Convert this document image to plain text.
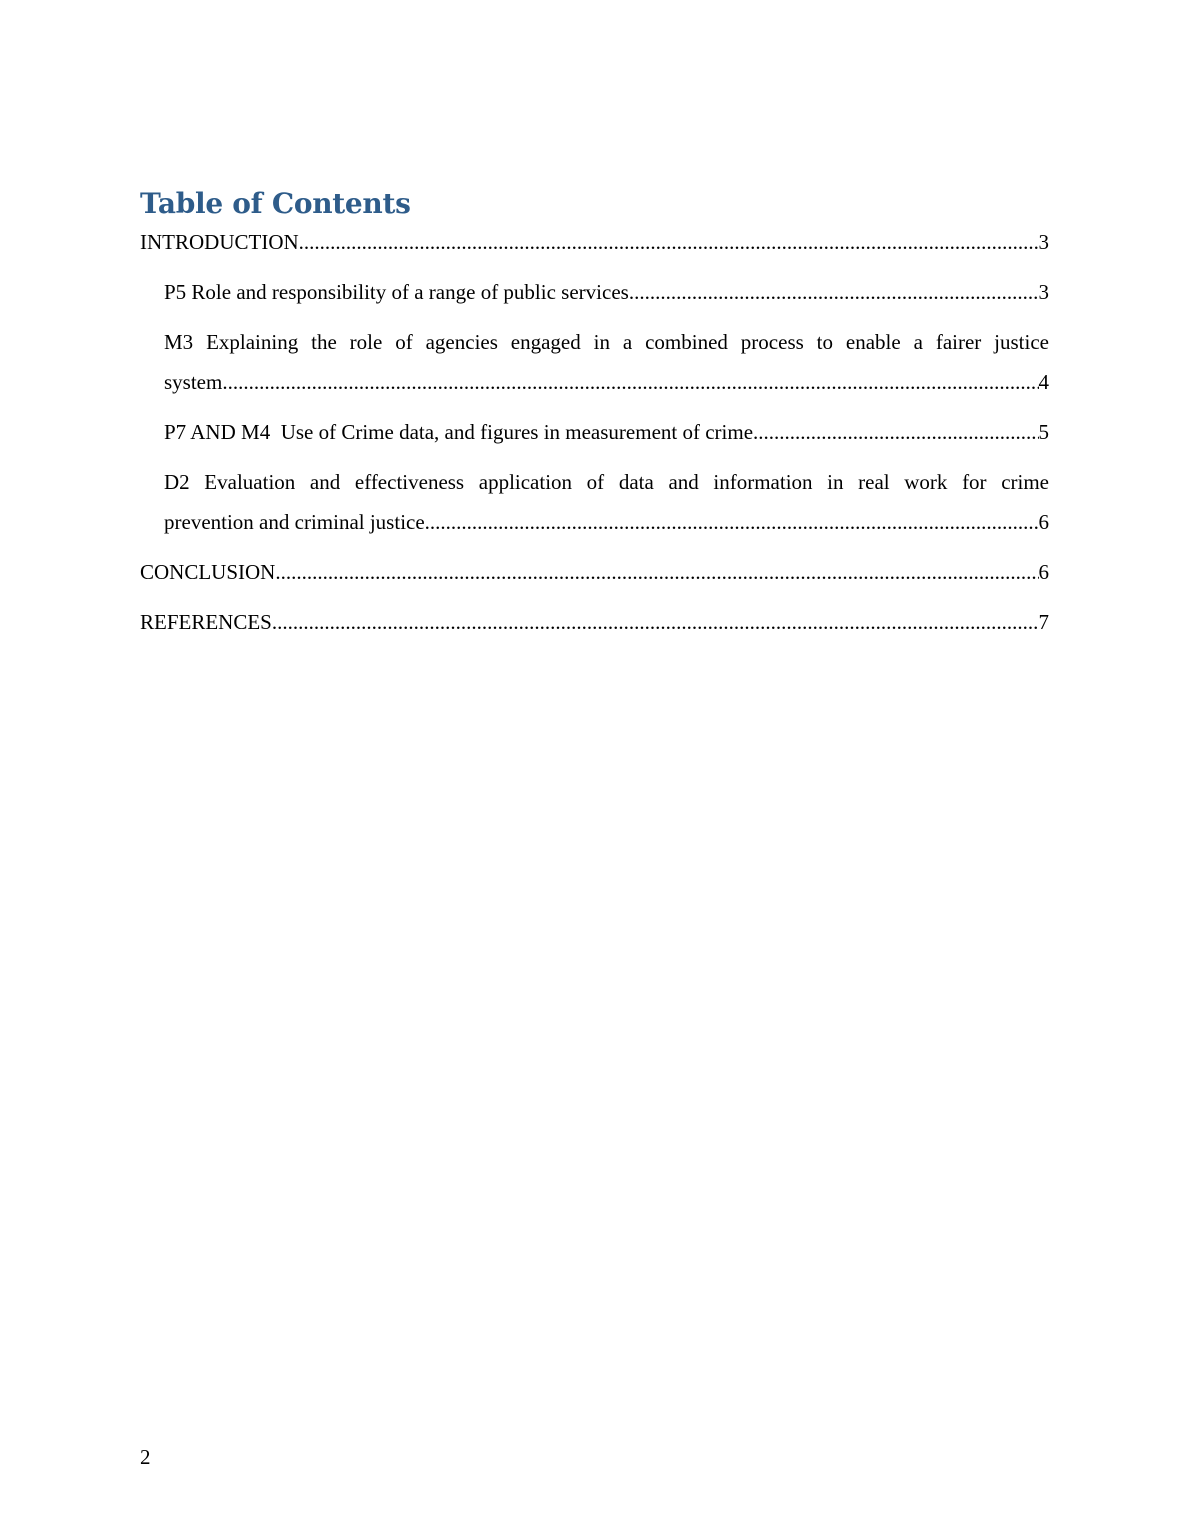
Table of Contents
INTRODUCTION .....	3
P5 Role and responsibility of a range of public services .....	3
M3 Explaining the role of agencies engaged in a combined process to enable a fairer justice
system .....	4
P7 AND M4  Use of Crime data, and figures in measurement of crime .....	5
D2 Evaluation and effectiveness application of data and information in real work for crime
prevention and criminal justice .....	6
CONCLUSION .....	6
REFERENCES .....	7
2
